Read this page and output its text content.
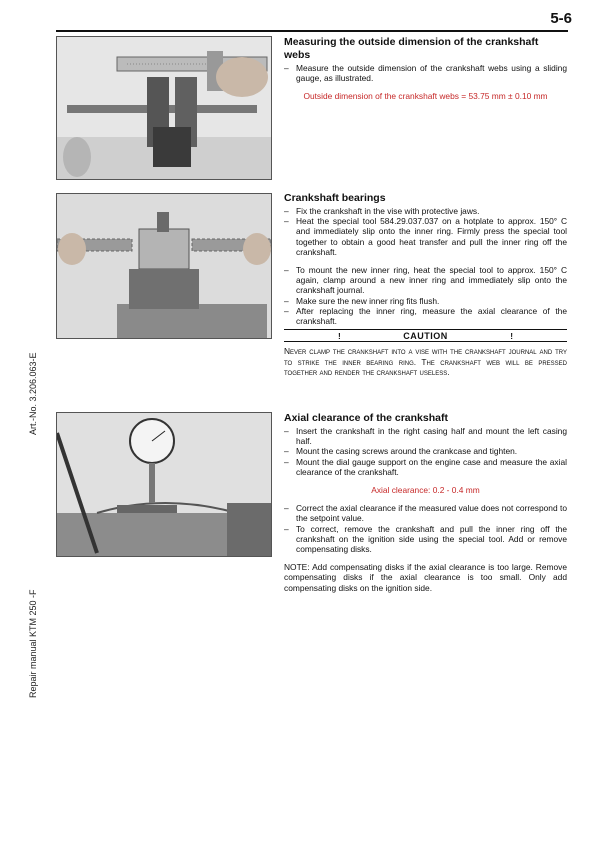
5-6
Art.-No. 3.206.063-E
Repair manual KTM 250 -F
Measuring the outside dimension of the crankshaft webs
– Measure the outside dimension of the crankshaft webs using a sliding gauge, as illustrated.
Outside dimension of the crankshaft webs = 53.75 mm ± 0.10 mm
Crankshaft bearings
– Fix the crankshaft in the vise with protective jaws.
– Heat the special tool 584.29.037.037 on a hotplate to approx. 150° C and immediately slip onto the inner ring. Firmly press the special tool together to obtain a good heat transfer and pull the inner ring off the crankshaft.
– To mount the new inner ring, heat the special tool to approx. 150° C again, clamp around a new inner ring and immediately slip onto the crankshaft journal.
– Make sure the new inner ring fits flush.
– After replacing the inner ring, measure the axial clearance of the crankshaft.
!	CAUTION	!
Never clamp the crankshaft into a vise with the crankshaft journal and try to strike the inner bearing ring. The crankshaft web will be pressed together and render the crankshaft useless.
Axial clearance of the crankshaft
– Insert the crankshaft in the right casing half and mount the left casing half.
– Mount the casing screws around the crankcase and tighten.
– Mount the dial gauge support on the engine case and measure the axial clearance of the crankshaft.
Axial clearance: 0.2 - 0.4 mm
– Correct the axial clearance if the measured value does not correspond to the setpoint value.
– To correct, remove the crankshaft and pull the inner ring off the crankshaft on the ignition side using the special tool. Add or remove compensating disks.
NOTE: Add compensating disks if the axial clearance is too large. Remove compensating disks if the axial clearance is too small. Only add compensating disks on the ignition side.
